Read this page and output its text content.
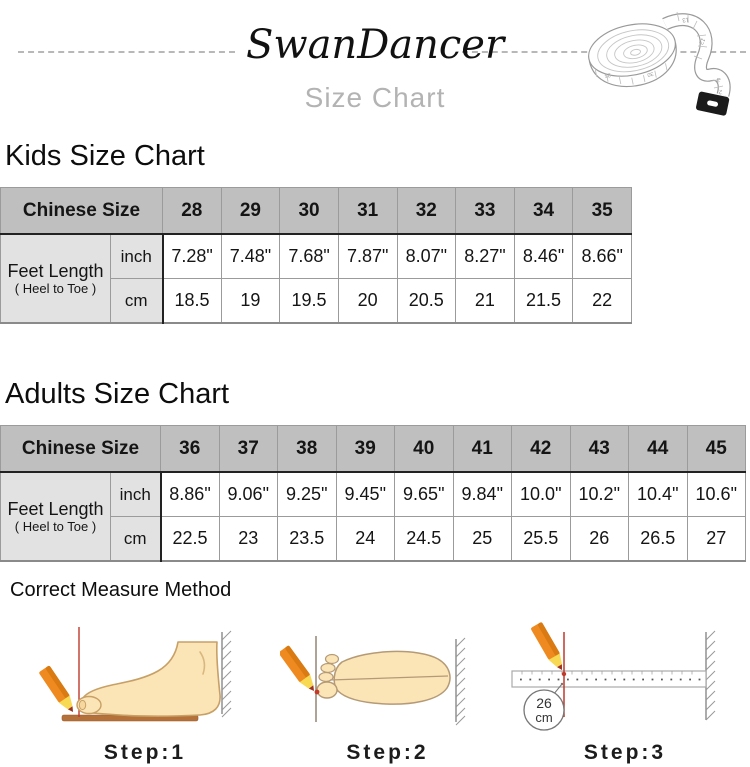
SwanDancer
Size Chart
25	30
13
12
3
2
Kids Size Chart
Chinese Size		28	29	30	31	32	33	34	35

Feet Length
( Heel to Toe )	inch	7.28"	7.48"	7.68"	7.87"	8.07"	8.27"	8.46"	8.66"
	cm	18.5	19	19.5	20	20.5	21	21.5	22
Adults Size Chart
Chinese Size		36	37	38	39	40	41	42	43	44	45

Feet Length
( Heel to Toe )	inch	8.86"	9.06"	9.25"	9.45"	9.65"	9.84"	10.0"	10.2"	10.4"	10.6"
	cm	22.5	23	23.5	24	24.5	25	25.5	26	26.5	27
Correct Measure Method
Step:1	Step:2
26
cm
Step:3
